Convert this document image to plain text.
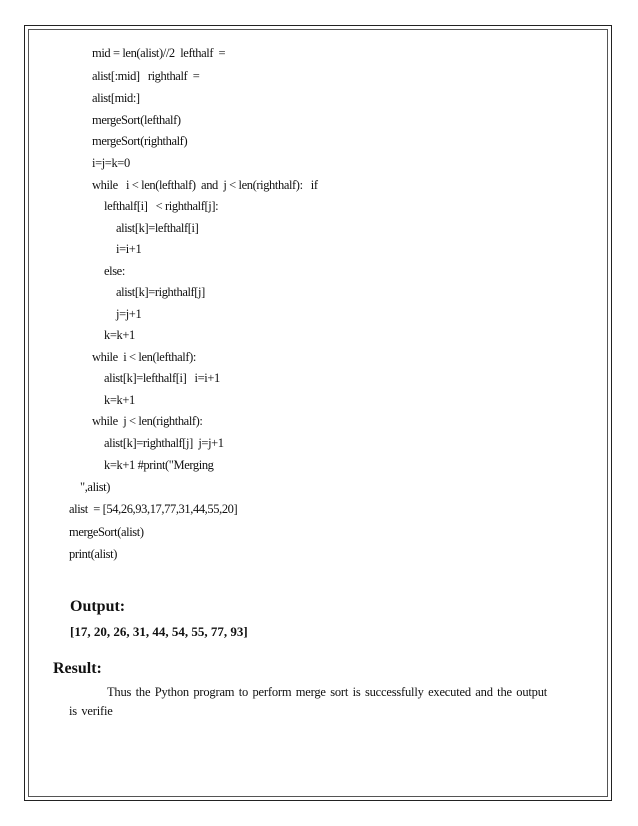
mid = len(alist)//2  lefthalf  =

alist[:mid]   righthalf  =

alist[mid:]

mergeSort(lefthalf)

mergeSort(righthalf)

i=j=k=0

while   i < len(lefthalf)  and  j < len(righthalf):   if

lefthalf[i]   < righthalf[j]:

alist[k]=lefthalf[i]

i=i+1

else:

alist[k]=righthalf[j]

j=j+1

k=k+1

while  i < len(lefthalf):

alist[k]=lefthalf[i]   i=i+1

k=k+1

while  j < len(righthalf):

alist[k]=righthalf[j]  j=j+1

k=k+1 #print("Merging

",alist)

alist  = [54,26,93,17,77,31,44,55,20]

mergeSort(alist)

print(alist)

Output:

[17, 20, 26, 31, 44, 54, 55, 77, 93]

Result:

Thus the Python program to perform merge sort is successfully executed and the output is verifie
